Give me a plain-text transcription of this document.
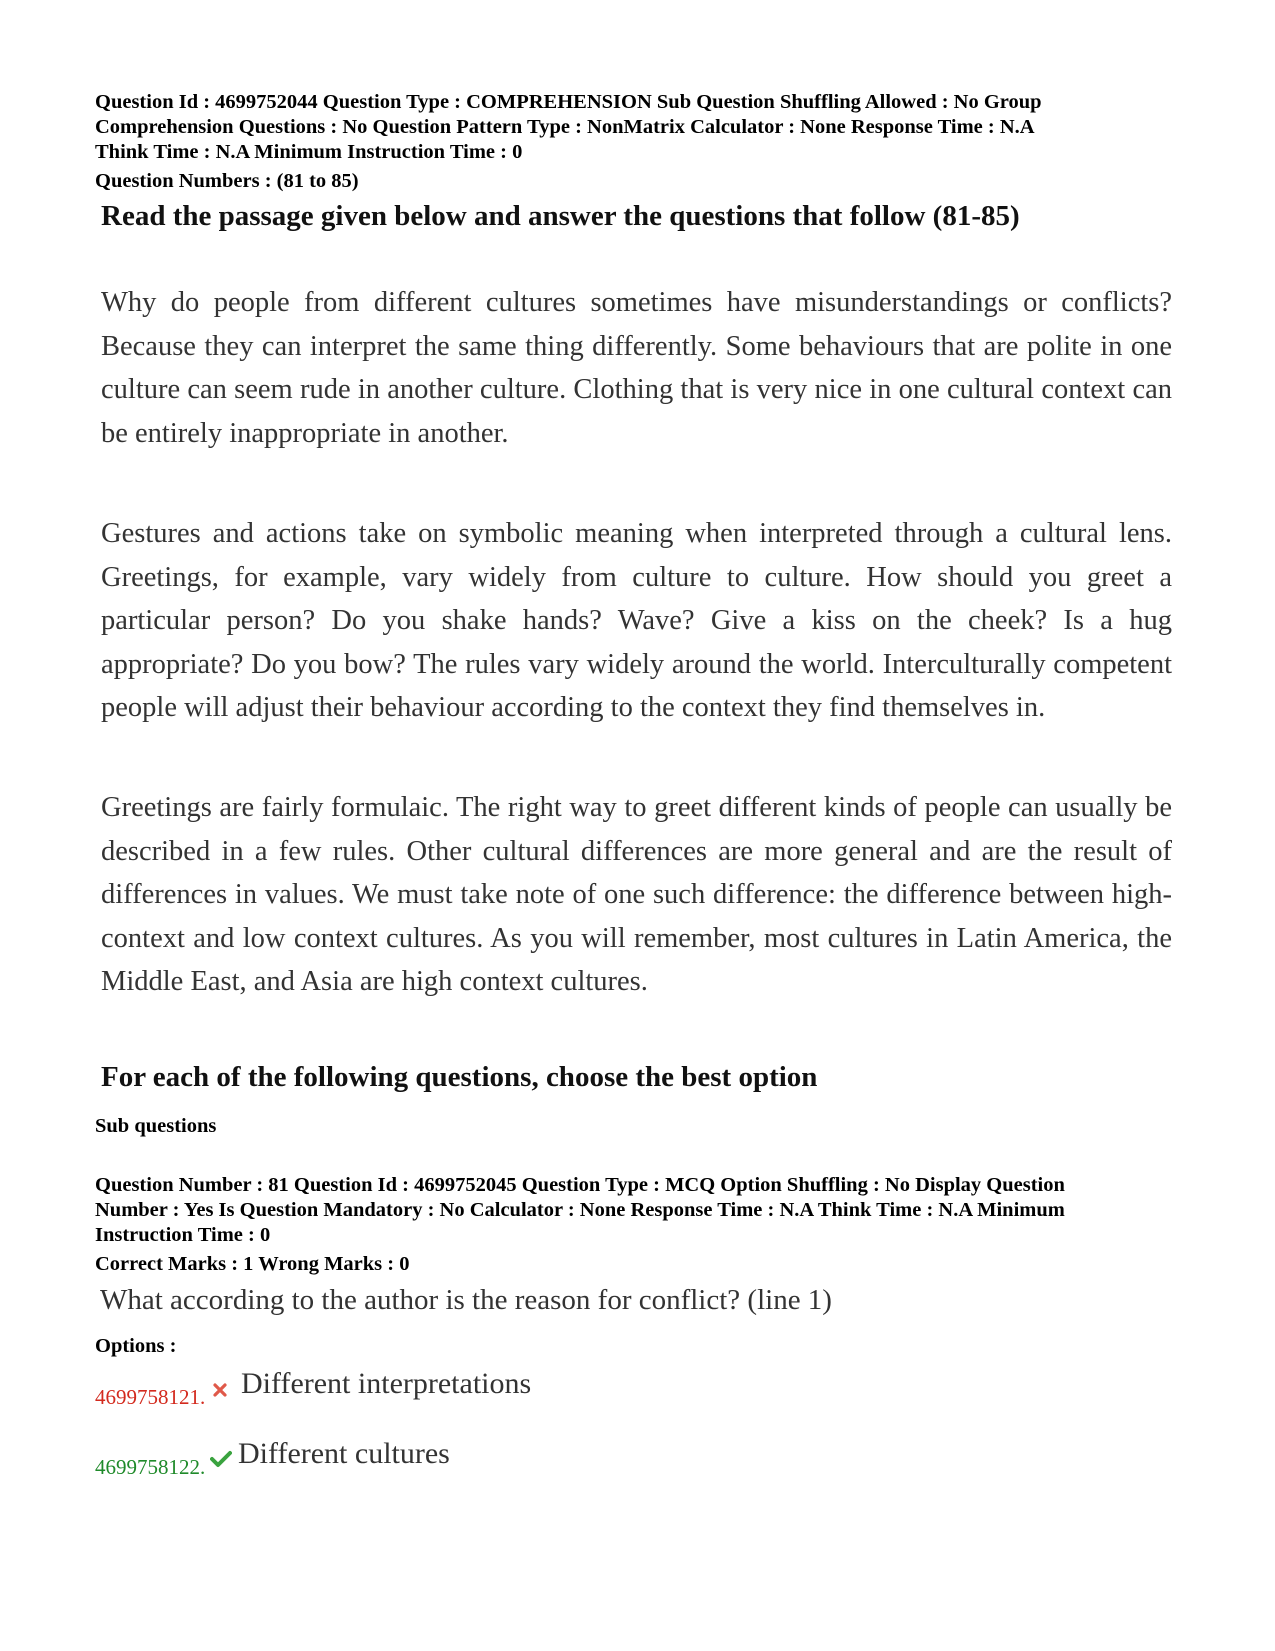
Question Id : 4699752044 Question Type : COMPREHENSION Sub Question Shuffling Allowed : No Group
Comprehension Questions : No Question Pattern Type : NonMatrix Calculator : None Response Time : N.A
Think Time : N.A Minimum Instruction Time : 0
Question Numbers : (81 to 85)
Read the passage given below and answer the questions that follow (81-85)

Why do people from different cultures sometimes have misunderstandings or conflicts? Because they can interpret the same thing differently. Some behaviours that are polite in one culture can seem rude in another culture. Clothing that is very nice in one cultural context can be entirely inappropriate in another.

Gestures and actions take on symbolic meaning when interpreted through a cultural lens. Greetings, for example, vary widely from culture to culture. How should you greet a particular person? Do you shake hands? Wave? Give a kiss on the cheek? Is a hug appropriate? Do you bow? The rules vary widely around the world. Interculturally competent people will adjust their behaviour according to the context they find themselves in.

Greetings are fairly formulaic. The right way to greet different kinds of people can usually be described in a few rules. Other cultural differences are more general and are the result of differences in values. We must take note of one such difference: the difference between high-context and low context cultures. As you will remember, most cultures in Latin America, the Middle East, and Asia are high context cultures.

For each of the following questions, choose the best option
Sub questions
Question Number : 81 Question Id : 4699752045 Question Type : MCQ Option Shuffling : No Display Question
Number : Yes Is Question Mandatory : No Calculator : None Response Time : N.A Think Time : N.A Minimum
Instruction Time : 0
Correct Marks : 1 Wrong Marks : 0
What according to the author is the reason for conflict? (line 1)
Options :
4699758121. Different interpretations
4699758122. Different cultures
